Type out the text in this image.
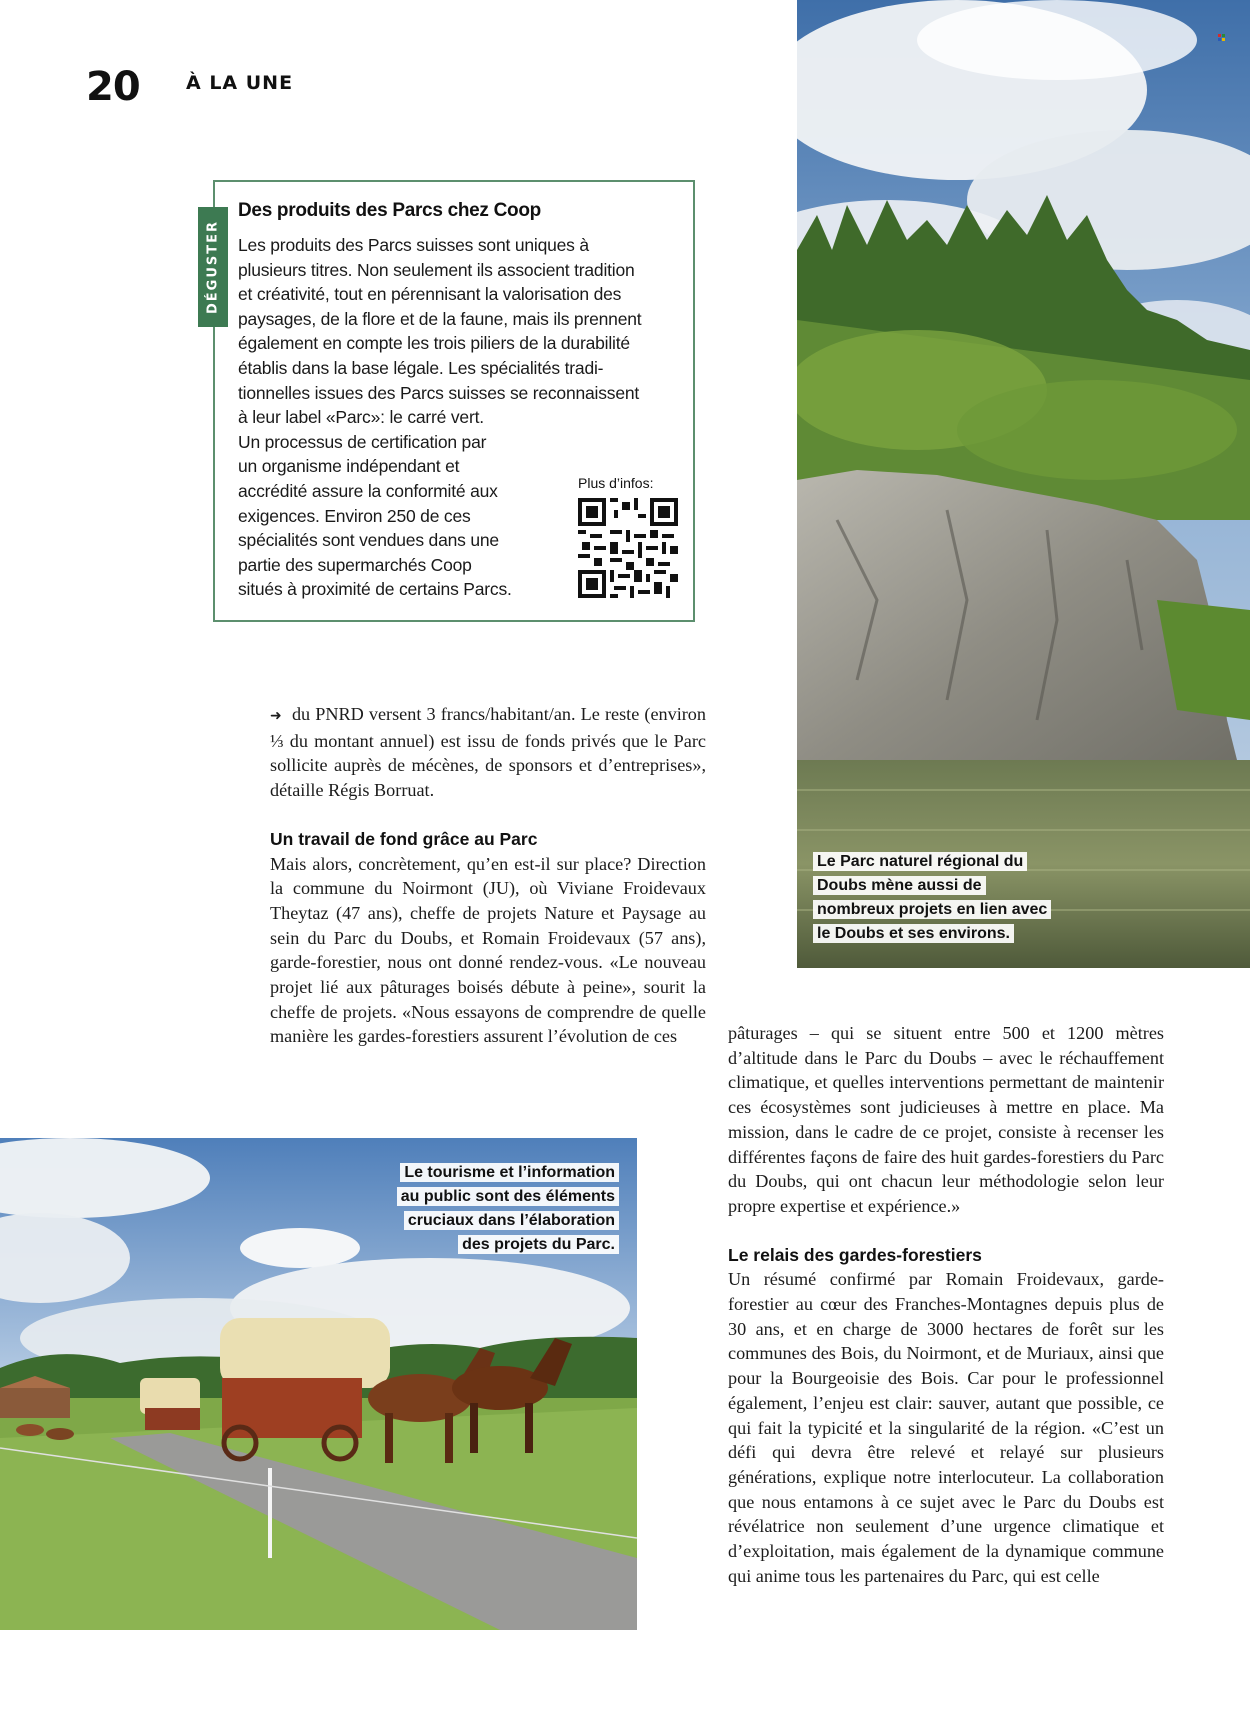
20 À LA UNE
Le Parc naturel régional du
Doubs mène aussi de
nombreux projets en lien avec
le Doubs et ses environs.
DÉGUSTER
Des produits des Parcs chez Coop
Les produits des Parcs suisses sont uniques à
plusieurs titres. Non seulement ils associent tradition
et créativité, tout en pérennisant la valorisation des
paysages, de la flore et de la faune, mais ils prennent
également en compte les trois piliers de la durabilité
établis dans la base légale. Les spécialités tradi-
tionnelles issues des Parcs suisses se reconnaissent
à leur label «Parc»: le carré vert.
Un processus de certification par
un organisme indépendant et
accrédité assure la conformité aux
exigences. Environ 250 de ces
spécialités sont vendues dans une
partie des supermarchés Coop
situés à proximité de certains Parcs.
Plus d’infos:

➜ du PNRD versent 3 francs/habitant/an. Le reste (environ ⅓ du montant annuel) est issu de fonds privés que le Parc sollicite auprès de mécènes, de sponsors et d’entreprises», détaille Régis Borruat.

Un travail de fond grâce au Parc

Mais alors, concrètement, qu’en est-il sur place? Direction la commune du Noirmont (JU), où Viviane Froidevaux Theytaz (47 ans), cheffe de projets Nature et Paysage au sein du Parc du Doubs, et Romain Froidevaux (57 ans), garde-forestier, nous ont donné rendez-vous. «Le nouveau projet lié aux pâturages boisés débute à peine», sourit la cheffe de projets. «Nous essayons de comprendre de quelle manière les gardes-forestiers assurent l’évolution de ces	pâturages – qui se situent entre 500 et 1200 mètres d’altitude dans le Parc du Doubs – avec le réchauffement climatique, et quelles interventions permettant de maintenir ces écosystèmes sont judicieuses à mettre en place. Ma mission, dans le cadre de ce projet, consiste à recenser les différentes façons de faire des huit gardes-forestiers du Parc du Doubs, qui ont chacun leur méthodologie selon leur propre expertise et expérience.»

Le relais des gardes-forestiers

Un résumé confirmé par Romain Froidevaux, garde-forestier au cœur des Franches-Montagnes depuis plus de 30 ans, et en charge de 3000 hectares de forêt sur les communes des Bois, du Noirmont, et de Muriaux, ainsi que pour la Bourgeoisie des Bois. Car pour le professionnel également, l’enjeu est clair: sauver, autant que possible, ce qui fait la typicité et la singularité de la région. «C’est un défi qui devra être relevé et relayé sur plusieurs générations, explique notre interlocuteur. La collaboration que nous entamons à ce sujet avec le Parc du Doubs est révélatrice non seulement d’une urgence climatique et d’exploitation, mais également de la dynamique commune qui anime tous les partenaires du Parc, qui est celle

Le tourisme et l’information
au public sont des éléments
cruciaux dans l’élaboration
des projets du Parc.
